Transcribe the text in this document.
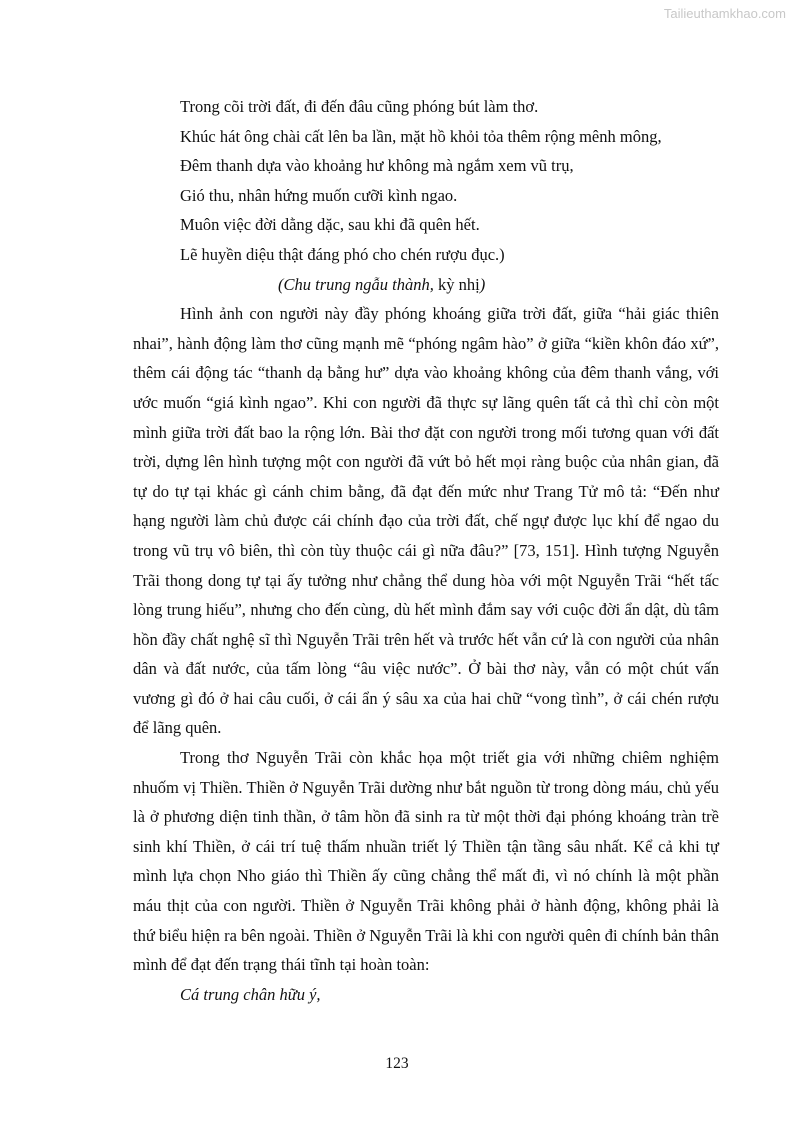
Tailieuthamkhao.com

Trong cõi trời đất, đi đến đâu cũng phóng bút làm thơ.

Khúc hát ông chài cất lên ba lần, mặt hồ khỏi tỏa thêm rộng mênh mông,

Đêm thanh dựa vào khoảng hư không mà ngắm xem vũ trụ,

Gió thu, nhân hứng muốn cưỡi kình ngao.

Muôn việc đời dằng dặc, sau khi đã quên hết.

Lẽ huyền diệu thật đáng phó cho chén rượu đục.)

(Chu trung ngẫu thành, kỳ nhị)

Hình ảnh con người này đầy phóng khoáng giữa trời đất, giữa “hải giác thiên nhai”, hành động làm thơ cũng mạnh mẽ “phóng ngâm hào” ở giữa “kiền khôn đáo xứ”, thêm cái động tác “thanh dạ bằng hư” dựa vào khoảng không của đêm thanh vắng, với ước muốn “giá kình ngao”. Khi con người đã thực sự lãng quên tất cả thì chỉ còn một mình giữa trời đất bao la rộng lớn. Bài thơ đặt con người trong mối tương quan với đất trời, dựng lên hình tượng một con người đã vứt bỏ hết mọi ràng buộc của nhân gian, đã tự do tự tại khác gì cánh chim bằng, đã đạt đến mức như Trang Tử mô tả: “Đến như hạng người làm chủ được cái chính đạo của trời đất, chế ngự được lục khí để ngao du trong vũ trụ vô biên, thì còn tùy thuộc cái gì nữa đâu?” [73, 151]. Hình tượng Nguyễn Trãi thong dong tự tại ấy tưởng như chẳng thể dung hòa với một Nguyễn Trãi “hết tấc lòng trung hiếu”, nhưng cho đến cùng, dù hết mình đắm say với cuộc đời ẩn dật, dù tâm hồn đầy chất nghệ sĩ thì Nguyễn Trãi trên hết và trước hết vẫn cứ là con người của nhân dân và đất nước, của tấm lòng “âu việc nước”. Ở bài thơ này, vẫn có một chút vấn vương gì đó ở hai câu cuối, ở cái ẩn ý sâu xa của hai chữ “vong tình”, ở cái chén rượu để lãng quên.

Trong thơ Nguyễn Trãi còn khắc họa một triết gia với những chiêm nghiệm nhuốm vị Thiền. Thiền ở Nguyễn Trãi dường như bắt nguồn từ trong dòng máu, chủ yếu là ở phương diện tinh thần, ở tâm hồn đã sinh ra từ một thời đại phóng khoáng tràn trề sinh khí Thiền, ở cái trí tuệ thấm nhuần triết lý Thiền tận tầng sâu nhất. Kể cả khi tự mình lựa chọn Nho giáo thì Thiền ấy cũng chẳng thể mất đi, vì nó chính là một phần máu thịt của con người. Thiền ở Nguyễn Trãi không phải ở hành động, không phải là thứ biểu hiện ra bên ngoài. Thiền ở Nguyễn Trãi là khi con người quên đi chính bản thân mình để đạt đến trạng thái tĩnh tại hoàn toàn:

Cá trung chân hữu ý,

123
